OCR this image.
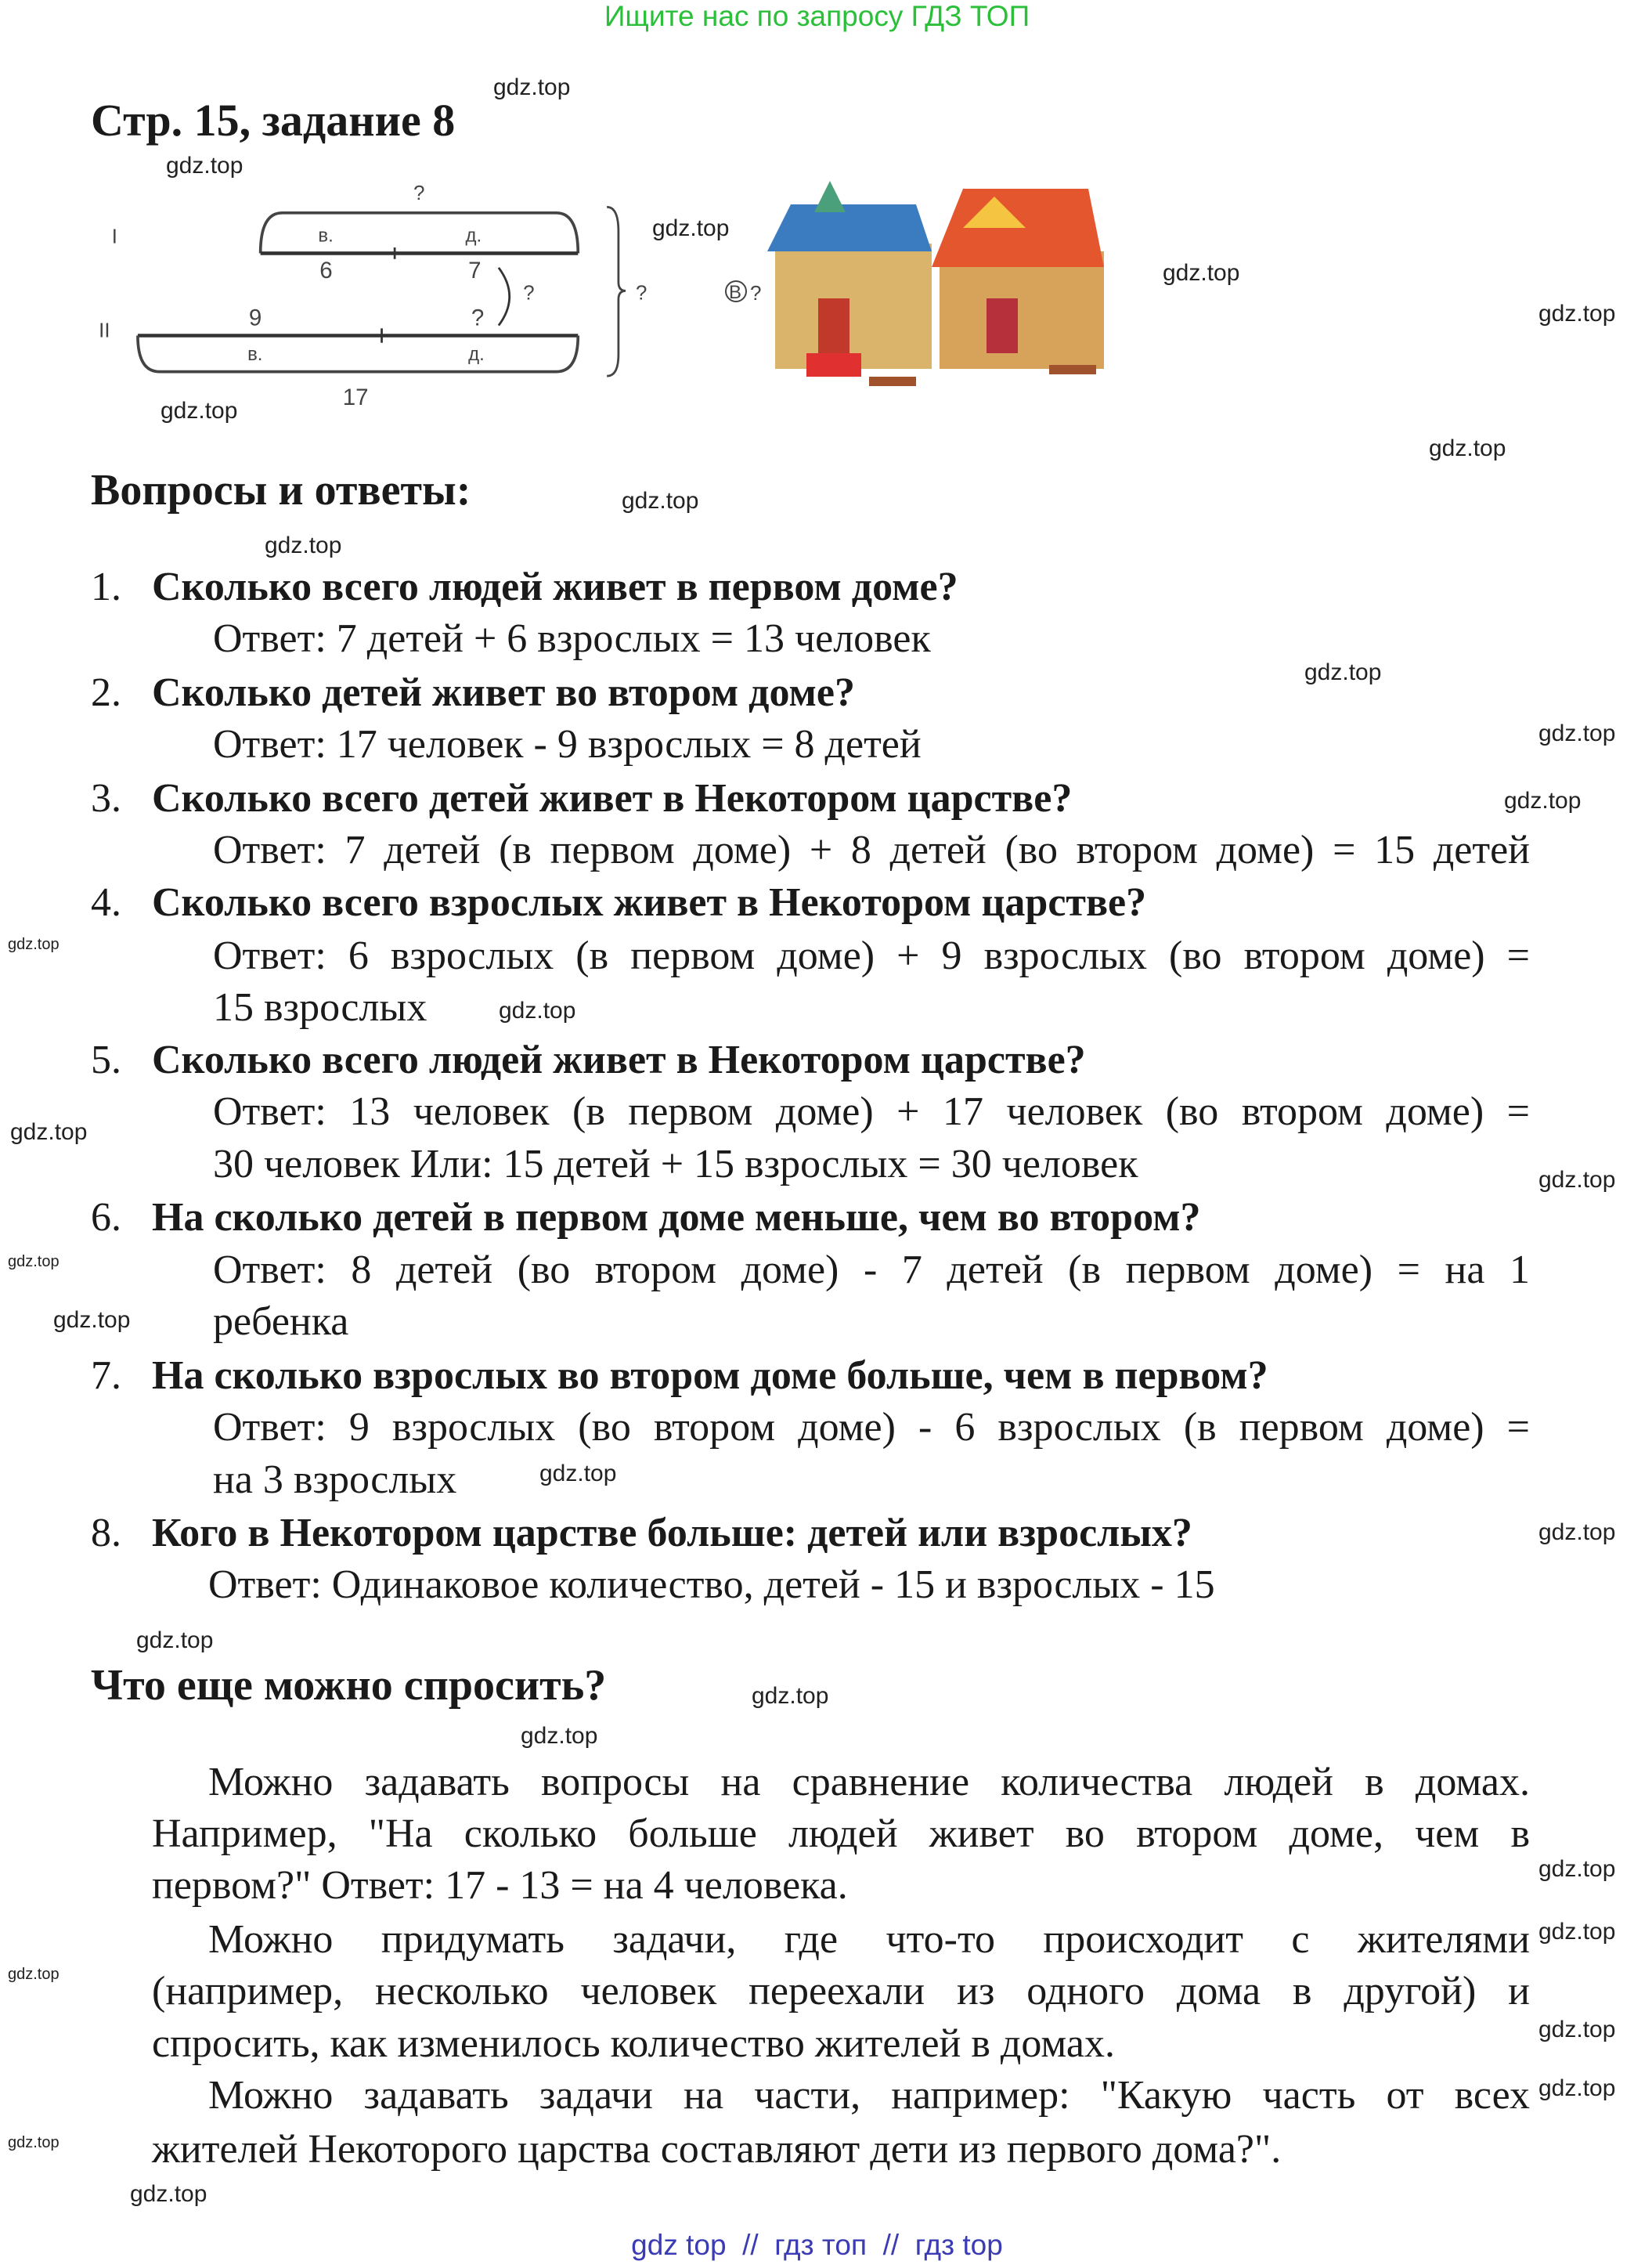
Ищите нас по запросу ГДЗ ТОП
Стр. 15, задание 8
I
II
?
в.	д.
6	7
?
9	?
в.	д.
17
?	В ?
Вопросы и ответы:
1. Сколько всего людей живет в первом доме?
Ответ: 7 детей + 6 взрослых = 13 человек
2. Сколько детей живет во втором доме?
Ответ: 17 человек - 9 взрослых = 8 детей
3. Сколько всего детей живет в Некотором царстве?
Ответ: 7 детей (в первом доме) + 8 детей (во втором доме) = 15 детей
4. Сколько всего взрослых живет в Некотором царстве?
Ответ: 6 взрослых (в первом доме) + 9 взрослых (во втором доме) =
15 взрослых
5. Сколько всего людей живет в Некотором царстве?
Ответ: 13 человек (в первом доме) + 17 человек (во втором доме) =
30 человек Или: 15 детей + 15 взрослых = 30 человек
6. На сколько детей в первом доме меньше, чем во втором?
Ответ: 8 детей (во втором доме) - 7 детей (в первом доме) = на 1
ребенка
7. На сколько взрослых во втором доме больше, чем в первом?
Ответ: 9 взрослых (во втором доме) - 6 взрослых (в первом доме) =
на 3 взрослых
8. Кого в Некотором царстве больше: детей или взрослых?
Ответ: Одинаковое количество, детей - 15 и взрослых - 15
Что еще можно спросить?
Можно задавать вопросы на сравнение количества людей в домах.
Например, "На сколько больше людей живет во втором доме, чем в
первом?" Ответ: 17 - 13 = на 4 человека.
Можно придумать задачи, где что-то происходит с жителями
(например, несколько человек переехали из одного дома в другой) и
спросить, как изменилось количество жителей в домах.
Можно задавать задачи на части, например: "Какую часть от всех
жителей Некоторого царства составляют дети из первого дома?".
gdz.top
gdz.top
gdz.top
gdz.top
gdz.top
gdz.top
gdz.top
gdz.top
gdz.top
gdz.top
gdz.top
gdz.top
gdz.top
gdz.top
gdz.top
gdz.top
gdz.top
gdz.top
gdz.top
gdz.top
gdz.top
gdz.top
gdz.top
gdz.top
gdz.top
gdz.top
gdz.top
gdz.top
gdz.top
gdz.top
gdz top  //  гдз топ  //  гдз top
